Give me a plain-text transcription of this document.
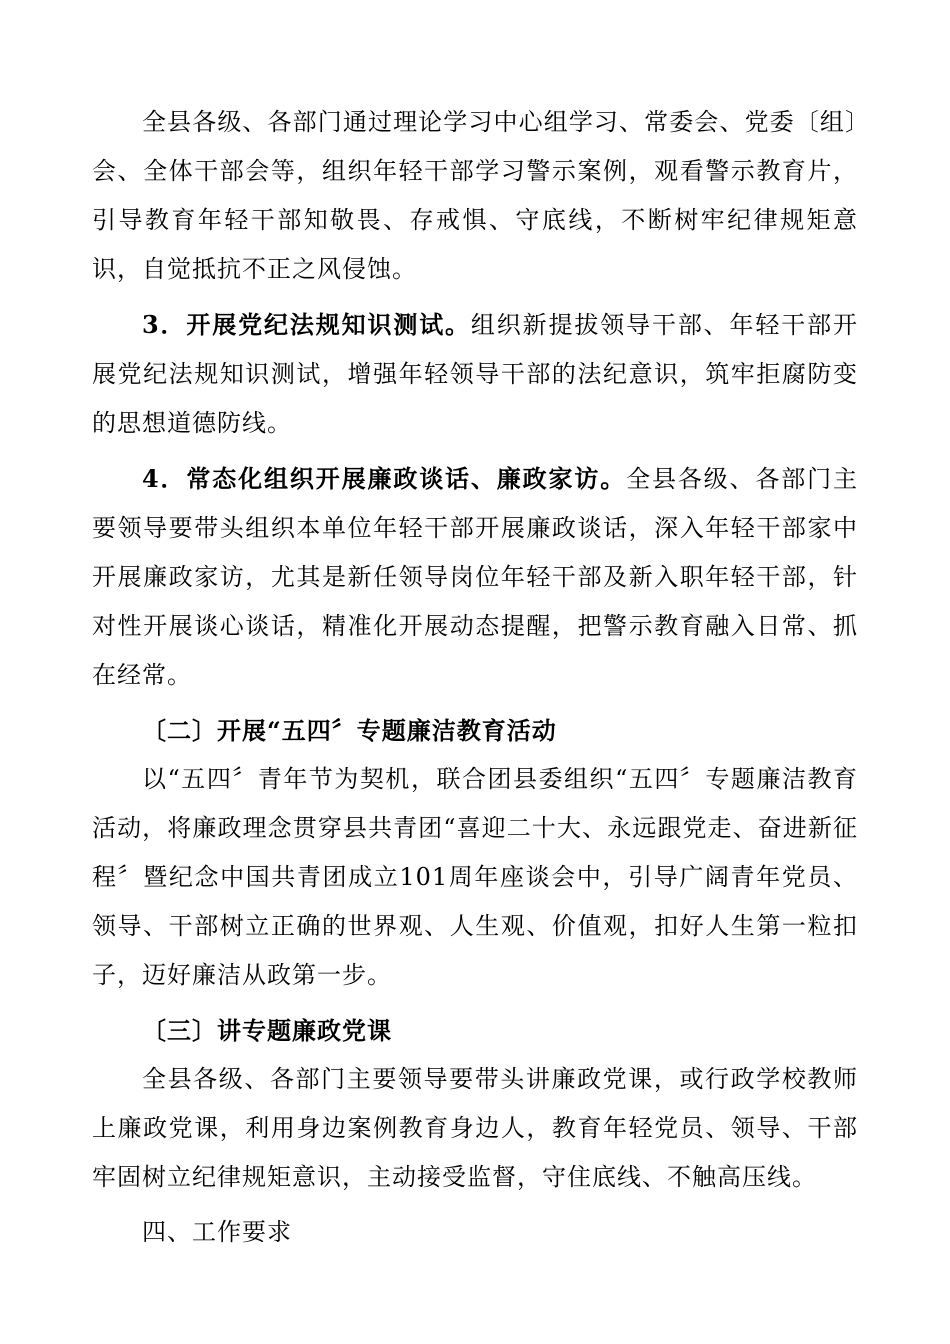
全县各级、各部门通过理论学习中心组学习、常委会、党委〔组〕会、全体干部会等，组织年轻干部学习警示案例，观看警示教育片，引导教育年轻干部知敬畏、存戒惧、守底线，不断树牢纪律规矩意识，自觉抵抗不正之风侵蚀。

3．开展党纪法规知识测试。组织新提拔领导干部、年轻干部开展党纪法规知识测试，增强年轻领导干部的法纪意识，筑牢拒腐防变的思想道德防线。

4．常态化组织开展廉政谈话、廉政家访。全县各级、各部门主要领导要带头组织本单位年轻干部开展廉政谈话，深入年轻干部家中开展廉政家访，尤其是新任领导岗位年轻干部及新入职年轻干部，针对性开展谈心谈话，精准化开展动态提醒，把警示教育融入日常、抓在经常。

〔二〕开展“五四〞专题廉洁教育活动

以“五四〞青年节为契机，联合团县委组织“五四〞专题廉洁教育活动，将廉政理念贯穿县共青团“喜迎二十大、永远跟党走、奋进新征程〞暨纪念中国共青团成立101周年座谈会中，引导广阔青年党员、领导、干部树立正确的世界观、人生观、价值观，扣好人生第一粒扣子，迈好廉洁从政第一步。

〔三〕讲专题廉政党课

全县各级、各部门主要领导要带头讲廉政党课，或行政学校教师上廉政党课，利用身边案例教育身边人，教育年轻党员、领导、干部牢固树立纪律规矩意识，主动接受监督，守住底线、不触高压线。

四、工作要求
